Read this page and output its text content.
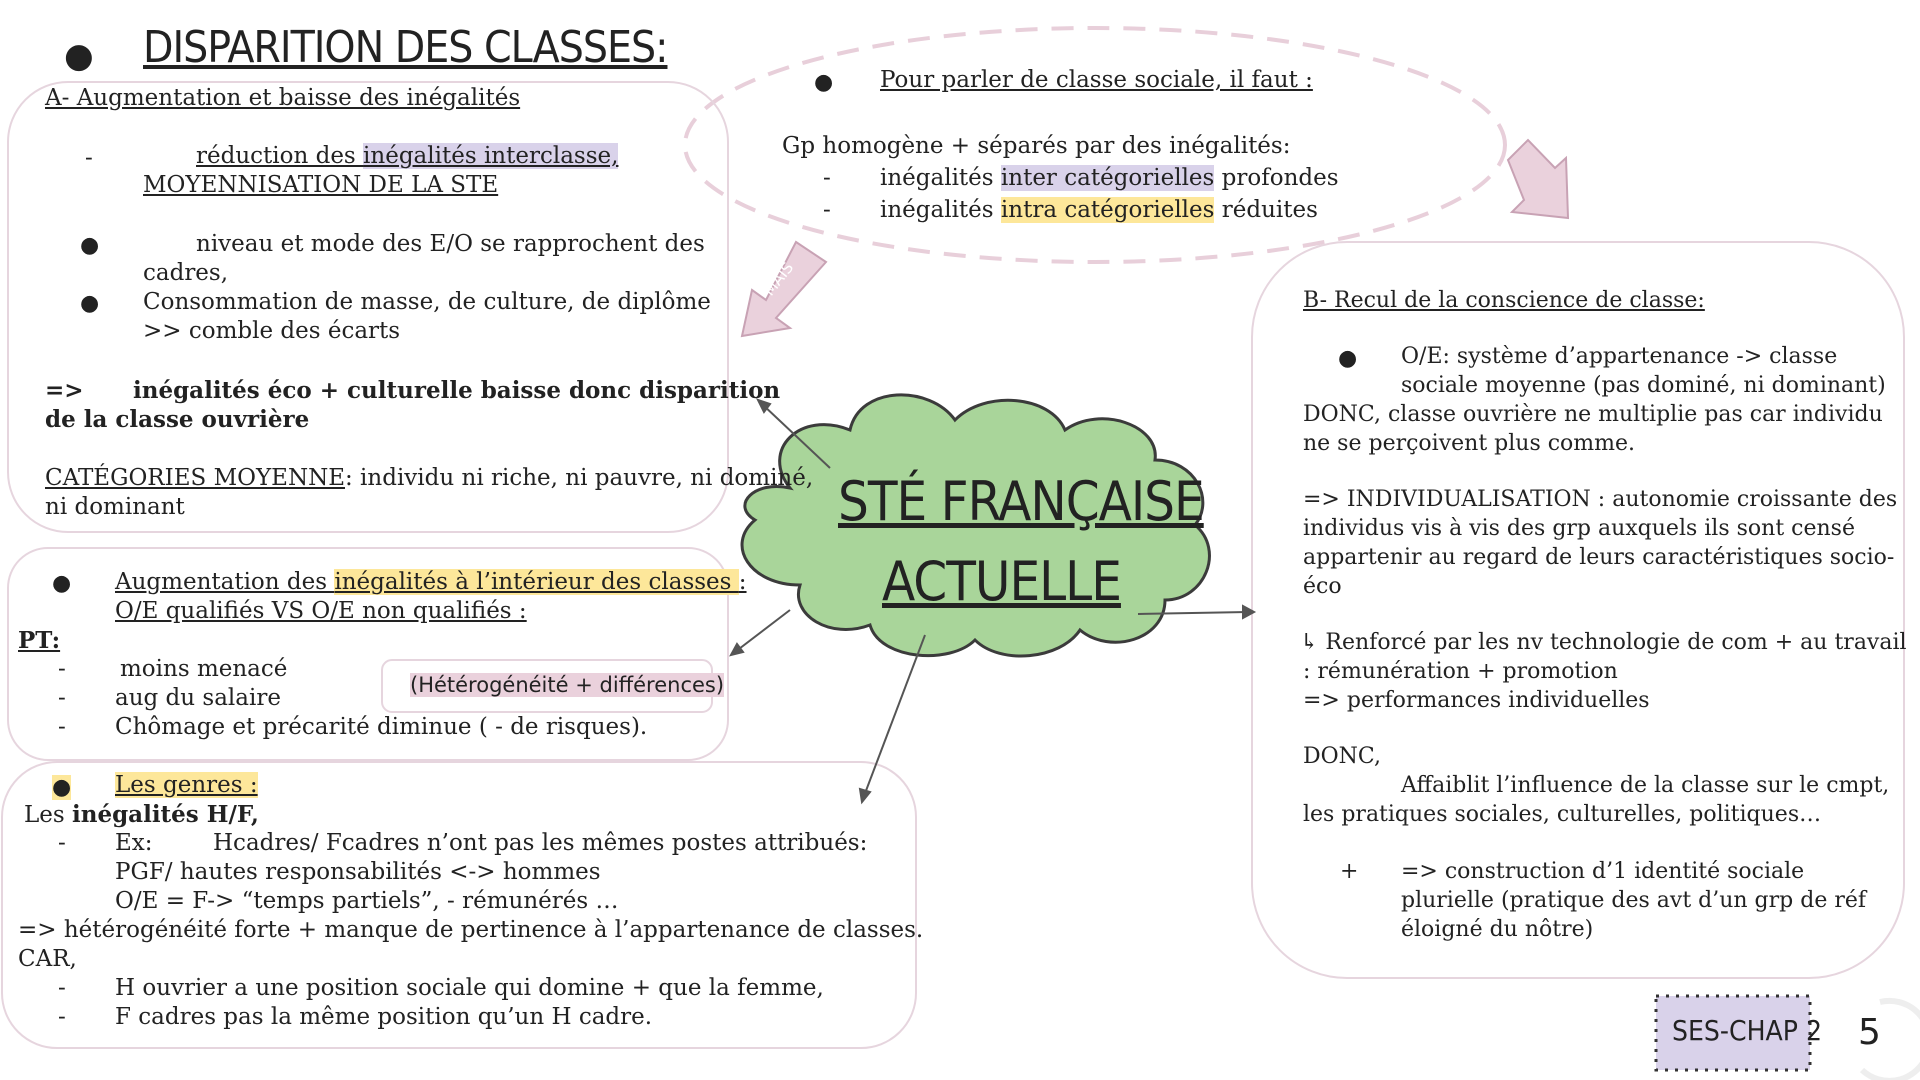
● DISPARITION DES CLASSES:
A- Augmentation et baisse des inégalités
-	réduction des inégalités interclasse,
MOYENNISATION DE LA STE
●	niveau et mode des E/O se rapprochent des
cadres,
● Consommation de masse, de culture, de diplôme
>> comble des écarts
=> inégalités éco + culturelle baisse donc disparition
de la classe ouvrière
CATÉGORIES MOYENNE: individu ni riche, ni pauvre, ni dominé,
ni dominant
● Augmentation des inégalités à l’intérieur des classes :
O/E qualifiés VS O/E non qualifiés :
PT:
- moins menacé
- aug du salaire
- Chômage et précarité diminue ( - de risques).
(Hétérogénéité + différences)
● Les genres :
Les inégalités H/F,
- Ex:	Hcadres/ Fcadres n’ont pas les mêmes postes attribués:
PGF/ hautes responsabilités <-> hommes
O/E = F-> “temps partiels”, - rémunérés …
=> hétérogénéité forte + manque de pertinence à l’appartenance de classes.
CAR,
- H ouvrier a une position sociale qui domine + que la femme,
- F cadres pas la même position qu’un H cadre.
● Pour parler de classe sociale, il faut :
Gp homogène + séparés par des inégalités:
- inégalités inter catégorielles profondes
- inégalités intra catégorielles réduites
STÉ FRANÇAISE
ACTUELLE
MAIS
B- Recul de la conscience de classe:
● O/E: système d’appartenance -> classe
sociale moyenne (pas dominé, ni dominant)
DONC, classe ouvrière ne multiplie pas car individu
ne se perçoivent plus comme.
=> INDIVIDUALISATION : autonomie croissante des
individus vis à vis des grp auxquels ils sont censé
appartenir au regard de leurs caractéristiques socio-
éco
↳ Renforcé par les nv technologie de com + au travail
: rémunération + promotion
=> performances individuelles
DONC,
Affaiblit l’influence de la classe sur le cmpt,
les pratiques sociales, culturelles, politiques…
+ => construction d’1 identité sociale
plurielle (pratique des avt d’un grp de réf
éloigné du nôtre)
SES-CHAP 2 5
